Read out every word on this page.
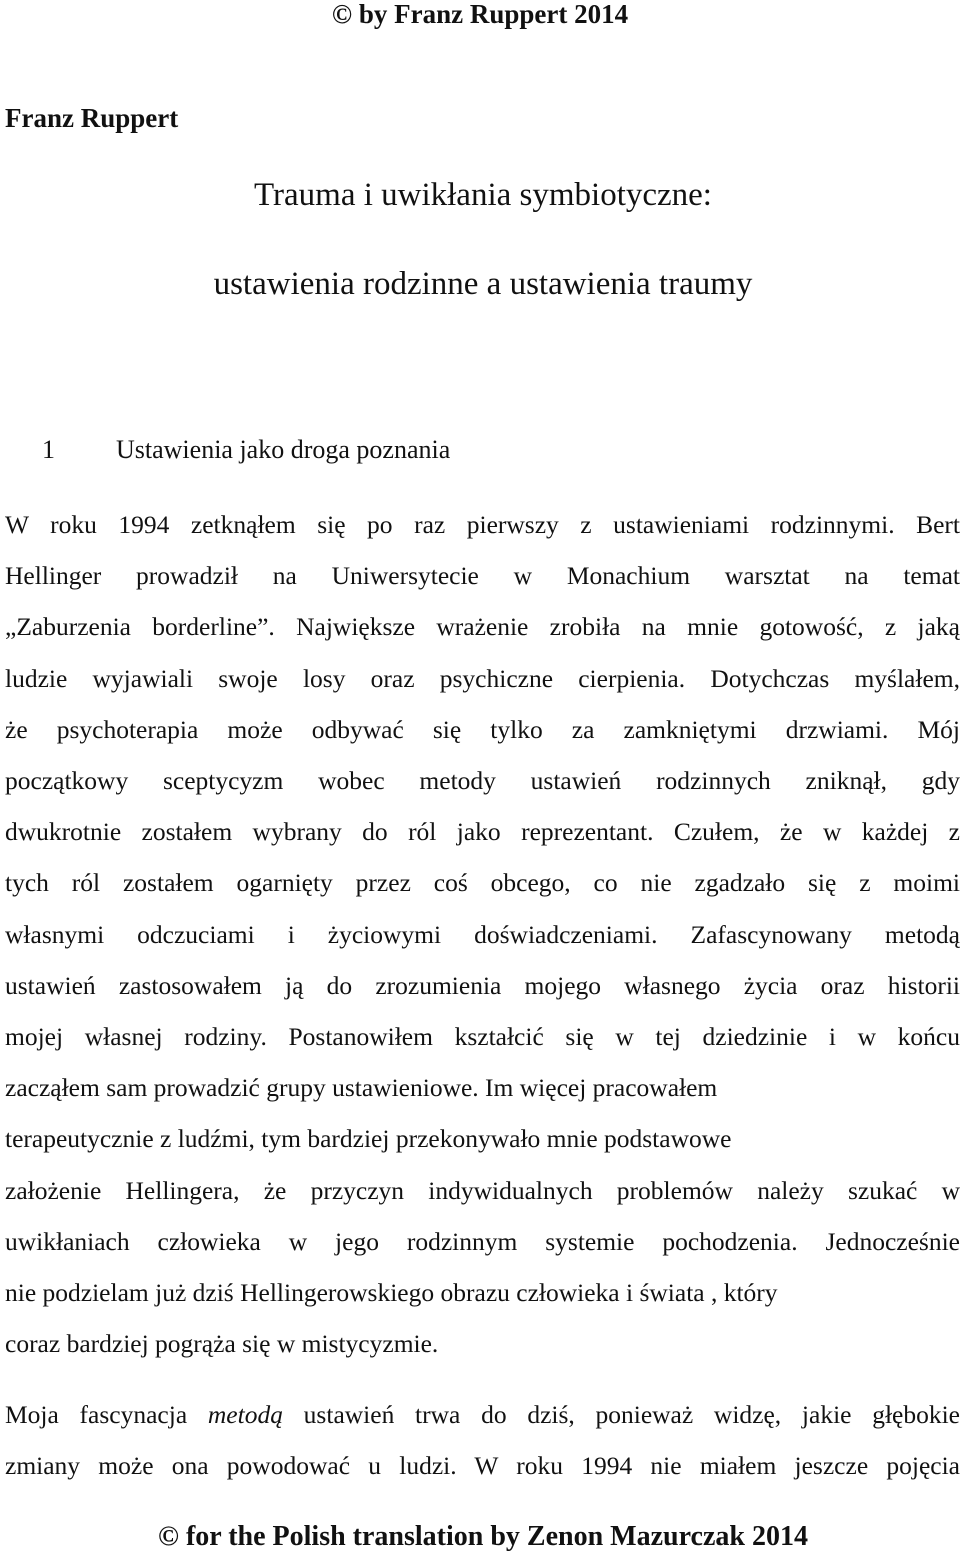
© by Franz Ruppert 2014
Franz Ruppert
Trauma i uwikłania symbiotyczne:
ustawienia rodzinne a ustawienia traumy
1 Ustawienia jako droga poznania
W roku 1994 zetknąłem się po raz pierwszy z ustawieniami rodzinnymi. Bert
Hellinger prowadził na Uniwersytecie w Monachium warsztat na temat
„Zaburzenia borderline”. Największe wrażenie zrobiła na mnie gotowość, z jaką
ludzie wyjawiali swoje losy oraz psychiczne cierpienia. Dotychczas myślałem,
że psychoterapia może odbywać się tylko za zamkniętymi drzwiami. Mój
początkowy sceptycyzm wobec metody ustawień rodzinnych zniknął, gdy
dwukrotnie zostałem wybrany do ról jako reprezentant. Czułem, że w każdej z
tych ról zostałem ogarnięty przez coś obcego, co nie zgadzało się z moimi
własnymi odczuciami i życiowymi doświadczeniami. Zafascynowany metodą
ustawień zastosowałem ją do zrozumienia mojego własnego życia oraz historii
mojej własnej rodziny. Postanowiłem kształcić się w tej dziedzinie i w końcu
zacząłem sam prowadzić grupy ustawieniowe. Im więcej pracowałem
terapeutycznie z ludźmi, tym bardziej przekonywało mnie podstawowe
założenie Hellingera, że przyczyn indywidualnych problemów należy szukać w
uwikłaniach człowieka w jego rodzinnym systemie pochodzenia. Jednocześnie
nie podzielam już dziś Hellingerowskiego obrazu człowieka i świata , który
coraz bardziej pogrąża się w mistycyzmie.
Moja fascynacja metodą ustawień trwa do dziś, ponieważ widzę, jakie głębokie
zmiany może ona powodować u ludzi. W roku 1994 nie miałem jeszcze pojęcia
© for the Polish translation by Zenon Mazurczak 2014
